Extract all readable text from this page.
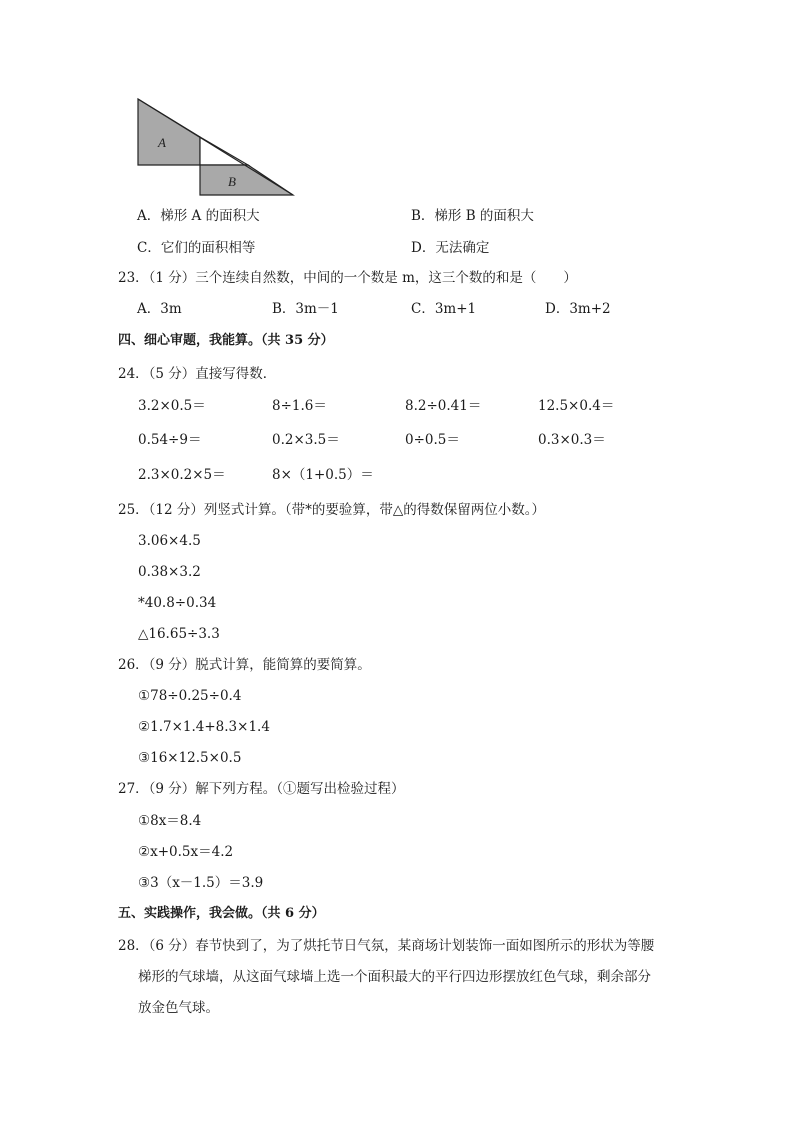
A
B
A．梯形 A 的面积大	B．梯形 B 的面积大
C．它们的面积相等	D．无法确定
23．（1 分）三个连续自然数，中间的一个数是 m，这三个数的和是（　　）
A．3m	B．3m－1	C．3m+1	D．3m+2
四、细心审题，我能算。（共 35 分）
24．（5 分）直接写得数．
3.2×0.5＝	8÷1.6＝	8.2÷0.41＝	12.5×0.4＝
0.54÷9＝	0.2×3.5＝	0÷0.5＝	0.3×0.3＝
2.3×0.2×5＝	8×（1+0.5）＝
25．（12 分）列竖式计算。（带*的要验算，带△的得数保留两位小数。）
3.06×4.5
0.38×3.2
*40.8÷0.34
△16.65÷3.3
26．（9 分）脱式计算，能简算的要简算。
①78÷0.25÷0.4
②1.7×1.4+8.3×1.4
③16×12.5×0.5
27．（9 分）解下列方程。（①题写出检验过程）
①8x＝8.4
②x+0.5x＝4.2
③3（x－1.5）＝3.9
五、实践操作，我会做。（共 6 分）
28．（6 分）春节快到了，为了烘托节日气氛，某商场计划装饰一面如图所示的形状为等腰
梯形的气球墙，从这面气球墙上选一个面积最大的平行四边形摆放红色气球，剩余部分
放金色气球。
